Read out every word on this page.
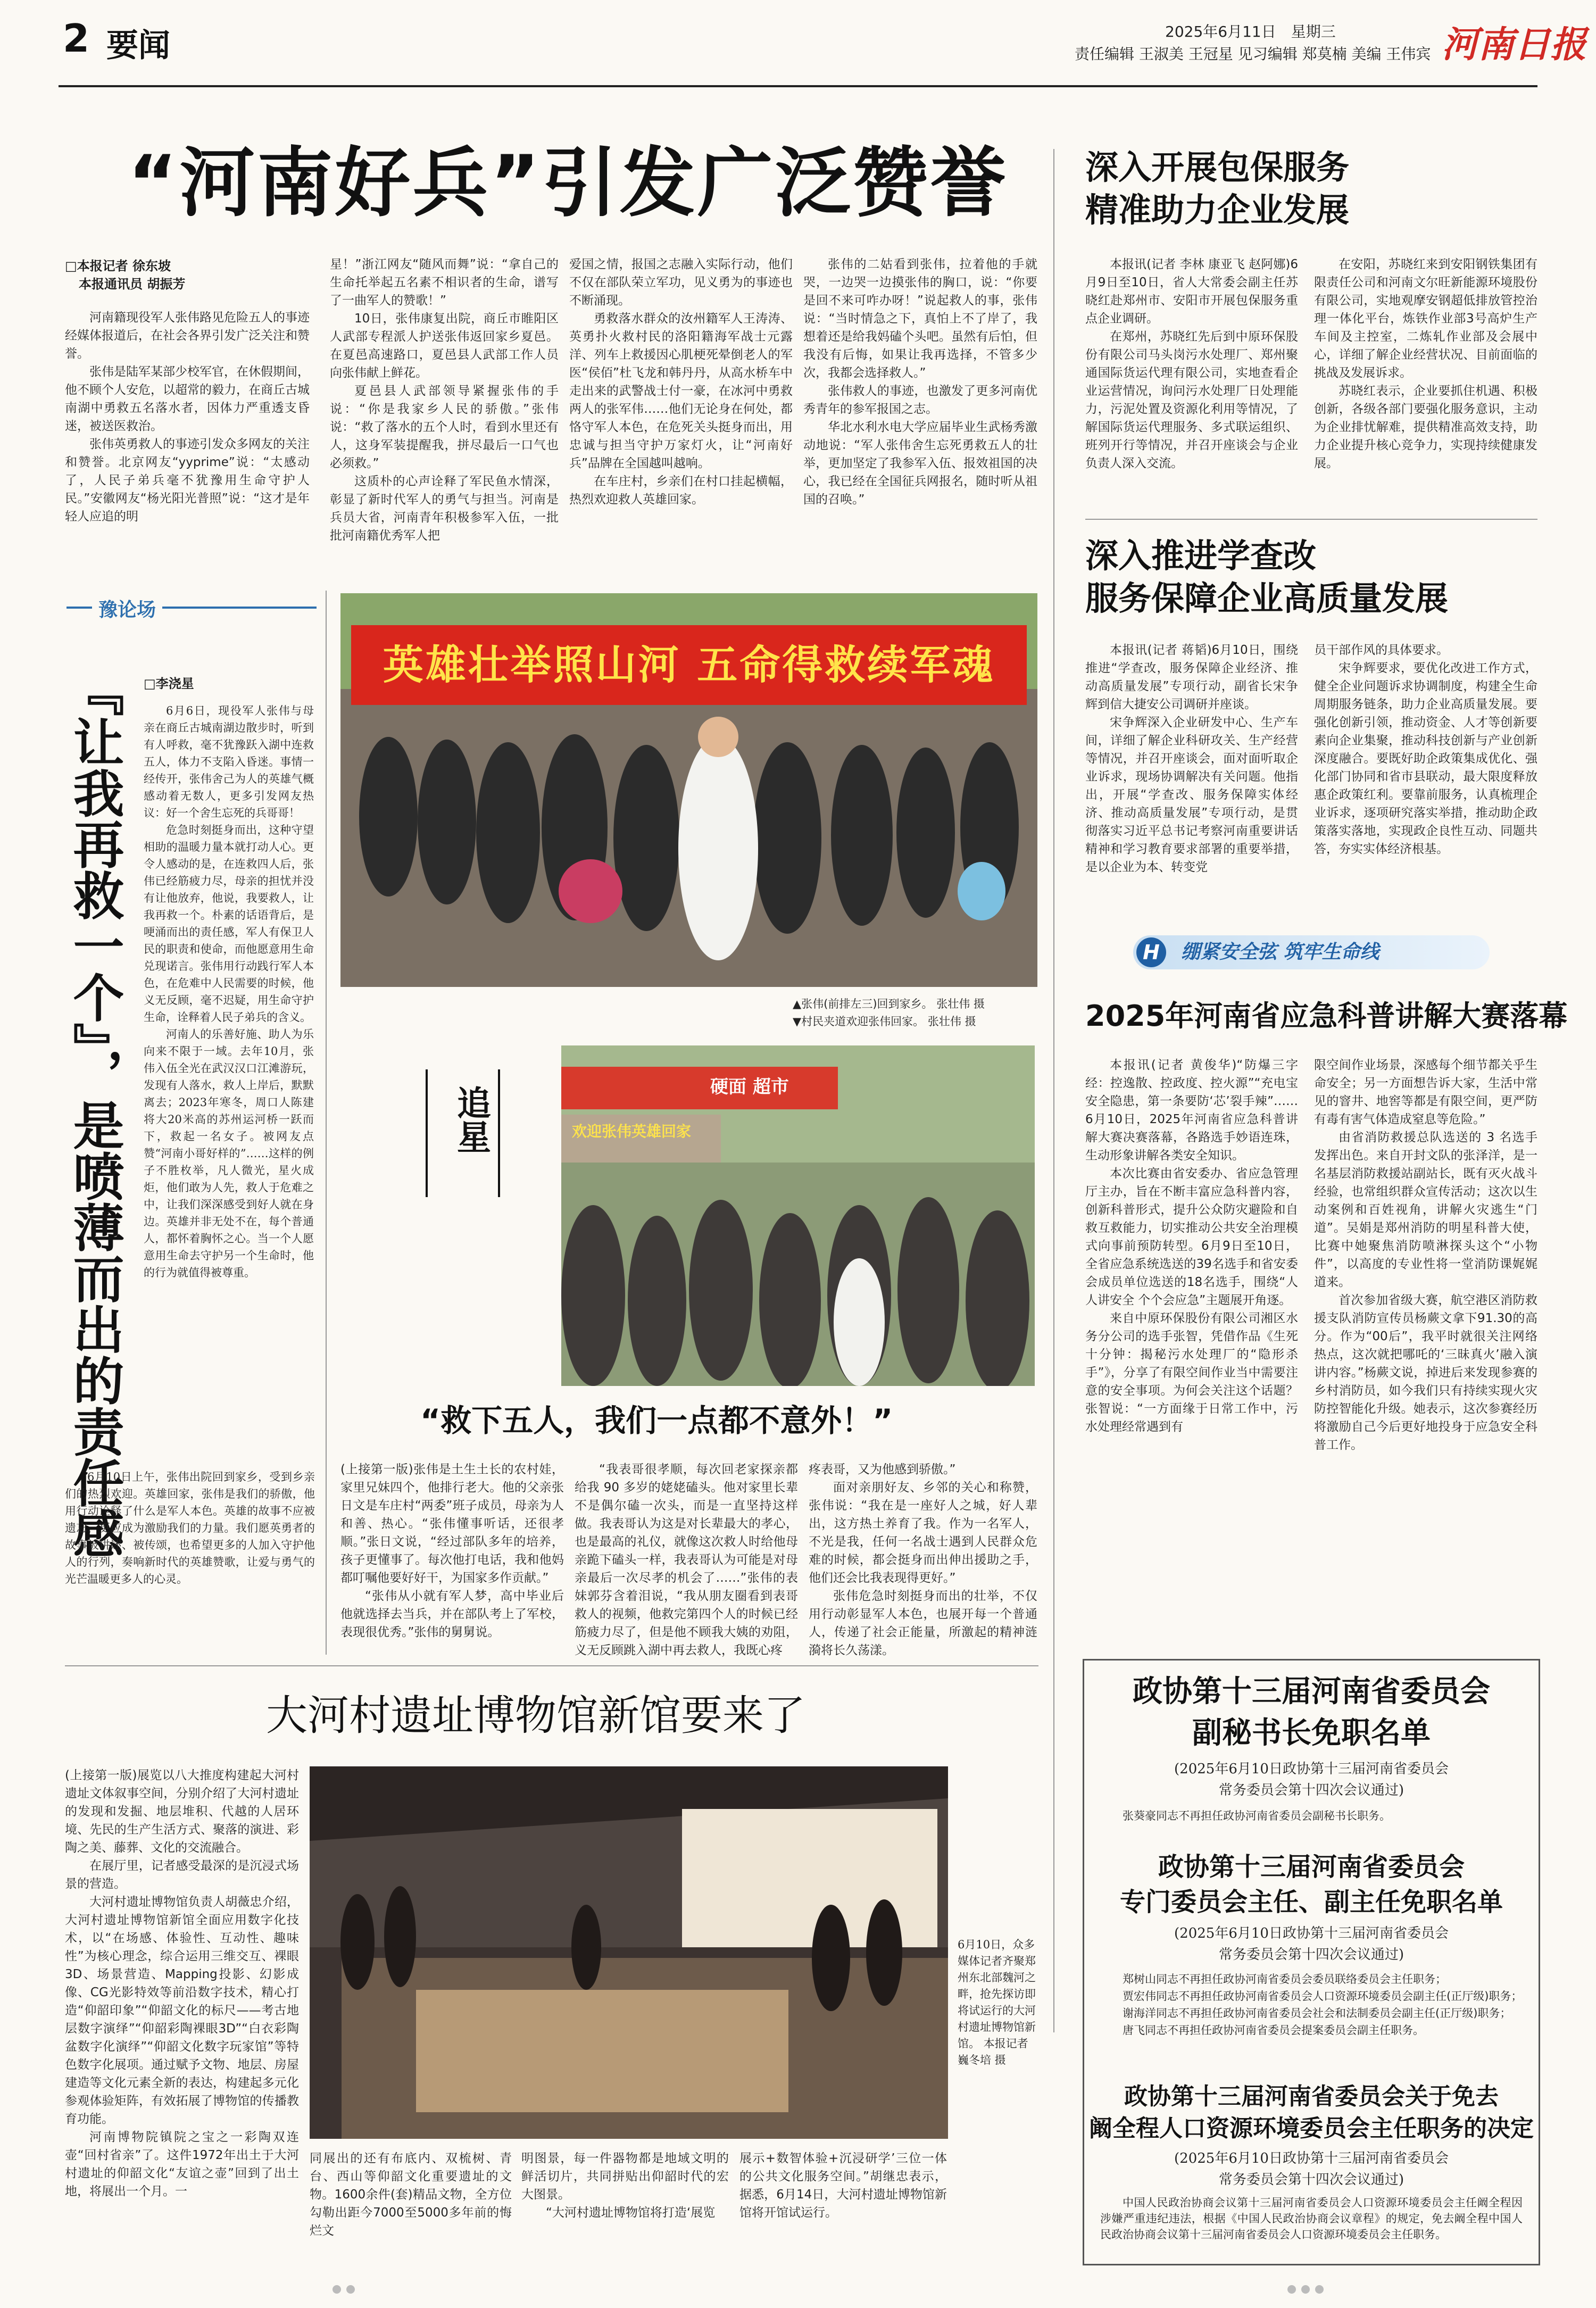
2 要闻	2025年6月11日　星期三
责任编辑 王淑美 王冠星 见习编辑 郑莫楠 美编 王伟宾 河南日报
“河南好兵”引发广泛赞誉
□本报记者 徐东坡
本报通讯员 胡振芳

河南籍现役军人张伟路见危险五人的事迹经媒体报道后，在社会各界引发广泛关注和赞誉。

张伟是陆军某部少校军官，在休假期间，他不顾个人安危，以超常的毅力，在商丘古城南湖中勇救五名落水者，因体力严重透支昏迷，被送医救治。

张伟英勇救人的事迹引发众多网友的关注和赞誉。北京网友“yyprime”说：“太感动了，人民子弟兵毫不犹豫用生命守护人民。”安徽网友“杨光阳光普照”说：“这才是年轻人应追的明

星！”浙江网友“随风而舞”说：“拿自己的生命托举起五名素不相识者的生命，谱写了一曲军人的赞歌！”

10日，张伟康复出院，商丘市睢阳区人武部专程派人护送张伟返回家乡夏邑。在夏邑高速路口，夏邑县人武部工作人员向张伟献上鲜花。

夏邑县人武部领导紧握张伟的手说：“你是我家乡人民的骄傲。”张伟说：“救了落水的五个人时，看到水里还有人，这身军装提醒我，拼尽最后一口气也必须救。”

这质朴的心声诠释了军民鱼水情深，彰显了新时代军人的勇气与担当。河南是兵员大省，河南青年积极参军入伍，一批批河南籍优秀军人把

爱国之情，报国之志融入实际行动，他们不仅在部队荣立军功，见义勇为的事迹也不断涌现。

勇救落水群众的汝州籍军人王涛涛、英勇扑火救村民的洛阳籍海军战士元露洋、列车上救援因心肌梗死晕倒老人的军医“侯佰”杜飞龙和韩丹丹，从高水桥车中走出来的武警战士付一豪，在冰河中勇救两人的张军伟……他们无论身在何处，都恪守军人本色，在危死关头挺身而出，用忠诚与担当守护万家灯火，让“河南好兵”品牌在全国越叫越响。

在车庄村，乡亲们在村口挂起横幅，热烈欢迎救人英雄回家。

张伟的二姑看到张伟，拉着他的手就哭，一边哭一边摸张伟的胸口，说：“你要是回不来可咋办呀！”说起救人的事，张伟说：“当时情急之下，真怕上不了岸了，我想着还是给我妈磕个头吧。虽然有后怕，但我没有后悔，如果让我再选择，不管多少次，我都会选择救人。”

张伟救人的事迹，也激发了更多河南优秀青年的参军报国之志。

华北水利水电大学应届毕业生武杨秀激动地说：“军人张伟舍生忘死勇救五人的壮举，更加坚定了我参军入伍、报效祖国的决心，我已经在全国征兵网报名，随时听从祖国的召唤。”

英雄壮举照山河 五命得救续军魂
▲张伟(前排左三)回到家乡。 张壮伟 摄
▼村民夹道欢迎张伟回家。 张壮伟 摄
硬面 超市
欢迎张伟英雄回家
豫论场
『让我再救一个』，是喷薄而出的责任感 □李浇星

6月6日，现役军人张伟与母亲在商丘古城南湖边散步时，听到有人呼救，毫不犹豫跃入湖中连救五人，体力不支陷入昏迷。事情一经传开，张伟舍己为人的英雄气概感动着无数人，更多引发网友热议：好一个舍生忘死的兵哥哥！

危急时刻挺身而出，这种守望相助的温暖力量本就打动人心。更令人感动的是，在连救四人后，张伟已经筋疲力尽，母亲的担忧并没有让他放弃，他说，我要救人，让我再救一个。朴素的话语背后，是哽涌而出的责任感，军人有保卫人民的职责和使命，而他愿意用生命兑现诺言。张伟用行动践行军人本色，在危难中人民需要的时候，他义无反顾，毫不迟疑，用生命守护生命，诠释着人民子弟兵的含义。

河南人的乐善好施、助人为乐向来不限于一域。去年10月，张伟入伍全光在武汉汉口江滩游玩，发现有人落水，救人上岸后，默默离去；2023年寒冬，周口人陈建将大20米高的苏州运河桥一跃而下，救起一名女子。被网友点赞“河南小哥好样的”……这样的例子不胜枚举，凡人微光，星火成炬，他们敢为人先，救人于危难之中，让我们深深感受到好人就在身边。英雄并非无处不在，每个普通人，都怀着胸怀之心。当一个人愿意用生命去守护另一个生命时，他的行为就值得被尊重。

6月10日上午，张伟出院回到家乡，受到乡亲们的热烈欢迎。英雄回家，张伟是我们的骄傲，他用行动诠释了什么是军人本色。英雄的故事不应被遗忘，更应成为激励我们的力量。我们愿英勇者的故事被讲述、被传颂，也希望更多的人加入守护他人的行列，奏响新时代的英雄赞歌，让爱与勇气的光芒温暖更多人的心灵。

追星
“救下五人，我们一点都不意外！”

(上接第一版)张伟是土生土长的农村娃，家里兄妹四个，他排行老大。他的父亲张日文是车庄村“两委”班子成员，母亲为人和善、热心。“张伟懂事听话，还很孝顺。”张日文说，“经过部队多年的培养，孩子更懂事了。每次他打电话，我和他妈都叮嘱他要好好干，为国家多作贡献。”

“张伟从小就有军人梦，高中毕业后他就选择去当兵，并在部队考上了军校，表现很优秀。”张伟的舅舅说。

“我表哥很孝顺，每次回老家探亲都给我 90 多岁的姥姥磕头。他对家里长辈不是偶尔磕一次头，而是一直坚持这样做。我表哥认为这是对长辈最大的孝心，也是最高的礼仪，就像这次救人时给他母亲跪下磕头一样，我表哥认为可能是对母亲最后一次尽孝的机会了……”张伟的表妹郭芬含着泪说，“我从朋友圈看到表哥救人的视频，他救完第四个人的时候已经筋疲力尽了，但是他不顾我大姨的劝阻，义无反顾跳入湖中再去救人，我既心疼

疼表哥，又为他感到骄傲。”

面对亲朋好友、乡邻的关心和称赞，张伟说：“我在是一座好人之城，好人辈出，这方热土养育了我。作为一名军人，不光是我，任何一名战士遇到人民群众危难的时候，都会挺身而出伸出援助之手，他们还会比我表现得更好。”

张伟危急时刻挺身而出的壮举，不仅用行动彰显军人本色，也展开每一个普通人，传递了社会正能量，所激起的精神涟漪将长久荡漾。

深入开展包保服务
精准助力企业发展

本报讯(记者 李林 康亚飞 赵阿娜)6月9日至10日，省人大常委会副主任苏晓红赴郑州市、安阳市开展包保服务重点企业调研。

在郑州，苏晓红先后到中原环保股份有限公司马头岗污水处理厂、郑州聚通国际货运代理有限公司，实地查看企业运营情况，询问污水处理厂日处理能力，污泥处置及资源化利用等情况，了解国际货运代理服务、多式联运组织、班列开行等情况，并召开座谈会与企业负责人深入交流。

在安阳，苏晓红来到安阳钢铁集团有限责任公司和河南文尔旺新能源环境股份有限公司，实地观摩安钢超低排放管控治理一体化平台，炼铁作业部3号高炉生产车间及主控室，二炼轧作业部及会展中心，详细了解企业经营状况、目前面临的挑战及发展诉求。

苏晓红表示，企业要抓住机遇、积极创新，各级各部门要强化服务意识，主动为企业排忧解难，提供精准高效支持，助力企业提升核心竞争力，实现持续健康发展。

深入推进学查改
服务保障企业高质量发展

本报讯(记者 蒋韬)6月10日，围绕推进“学查改，服务保障企业经济、推动高质量发展”专项行动，副省长宋争辉到信大捷安公司调研并座谈。

宋争辉深入企业研发中心、生产车间，详细了解企业科研攻关、生产经营等情况，并召开座谈会，面对面听取企业诉求，现场协调解决有关问题。他指出，开展“学查改、服务保障实体经济、推动高质量发展”专项行动，是贯彻落实习近平总书记考察河南重要讲话精神和学习教育要求部署的重要举措，是以企业为本、转变党

员干部作风的具体要求。

宋争辉要求，要优化改进工作方式，健全企业问题诉求协调制度，构建全生命周期服务链条，助力企业高质量发展。要强化创新引领，推动资金、人才等创新要素向企业集聚，推动科技创新与产业创新深度融合。要既好助企政策集成优化、强化部门协同和省市县联动，最大限度释放惠企政策红利。要靠前服务，认真梳理企业诉求，逐项研究落实举措，推动助企政策落实落地，实现政企良性互动、同题共答，夯实实体经济根基。

H	绷紧安全弦 筑牢生命线
2025年河南省应急科普讲解大赛落幕

本报讯(记者 黄俊华)“防爆三字经：控逸散、控政度、控火源”“充电宝安全隐患，第一条要防‘芯’裂手辣”……6月10日，2025年河南省应急科普讲解大赛决赛落幕，各路选手妙语连珠，生动形象讲解各类安全知识。

本次比赛由省安委办、省应急管理厅主办，旨在不断丰富应急科普内容，创新科普形式，提升公众防灾避险和自救互救能力，切实推动公共安全治理模式向事前预防转型。6月9日至10日，全省应急系统选送的39名选手和省安委会成员单位选送的18名选手，围绕“人人讲安全 个个会应急”主题展开角逐。

来自中原环保股份有限公司湘区水务分公司的选手张智，凭借作品《生死十分钟：揭秘污水处理厂的“隐形杀手”》，分享了有限空间作业当中需要注意的安全事项。为何会关注这个话题？张智说：“一方面缘于日常工作中，污水处理经常遇到有

限空间作业场景，深感每个细节都关乎生命安全；另一方面想告诉大家，生活中常见的窨井、地窖等都是有限空间，更严防有毒有害气体造成窒息等危险。”

由省消防救援总队选送的 3 名选手发挥出色。来自开封文队的张泽洋，是一名基层消防救援站副站长，既有灭火战斗经验，也常组织群众宣传活动；这次以生动案例和百姓视角，讲解火灾逃生“门道”。吴娟是郑州消防的明星科普大使，比赛中她聚焦消防喷淋探头这个“小物件”，以高度的专业性将一堂消防课娓娓道来。

首次参加省级大赛，航空港区消防救援支队消防宣传员杨蕨文拿下91.30的高分。作为“00后”，我平时就很关注网络热点，这次就把哪吒的‘三昧真火’融入演讲内容。”杨蕨文说，掉进后来发现参赛的乡村消防员，如今我们只有持续实现火灾防控智能化升级。她表示，这次参赛经历将激励自己今后更好地投身于应急安全科普工作。

政协第十三届河南省委员会
副秘书长免职名单
(2025年6月10日政协第十三届河南省委员会
常务委员会第十四次会议通过)

张葵豪同志不再担任政协河南省委员会副秘书长职务。

政协第十三届河南省委员会
专门委员会主任、副主任免职名单
(2025年6月10日政协第十三届河南省委员会
常务委员会第十四次会议通过)

郑树山同志不再担任政协河南省委员会委员联络委员会主任职务；

贾宏伟同志不再担任政协河南省委员会人口资源环境委员会副主任(正厅级)职务；

谢海洋同志不再担任政协河南省委员会社会和法制委员会副主任(正厅级)职务；

唐飞同志不再担任政协河南省委员会提案委员会副主任职务。

政协第十三届河南省委员会关于免去
阚全程人口资源环境委员会主任职务的决定
(2025年6月10日政协第十三届河南省委员会
常务委员会第十四次会议通过)

中国人民政治协商会议第十三届河南省委员会人口资源环境委员会主任阚全程因涉嫌严重违纪违法，根据《中国人民政治协商会议章程》的规定，免去阚全程中国人民政治协商会议第十三届河南省委员会人口资源环境委员会主任职务。

大河村遗址博物馆新馆要来了

(上接第一版)展览以八大推度构建起大河村遗址文体叙事空间，分别介绍了大河村遗址的发现和发掘、地层堆积、代越的人居环境、先民的生产生活方式、聚落的演进、彩陶之美、藤葬、文化的交流融合。

在展厅里，记者感受最深的是沉浸式场景的营造。

大河村遗址博物馆负责人胡薇忠介绍，大河村遗址博物馆新馆全面应用数字化技术，以“在场感、体验性、互动性、趣味性”为核心理念，综合运用三维交互、裸眼3D、场景营造、Mapping投影、幻影成像、CG光影特效等前沿数字技术，精心打造“仰韶印象”“仰韶文化的标尺——考古地层数字演绎”“仰韶彩陶裸眼3D”“白衣彩陶盆数字化演绎”“仰韶文化数字玩家馆”等特色数字化展项。通过赋予文物、地层、房屋建造等文化元素全新的表达，构建起多元化参观体验矩阵，有效拓展了博物馆的传播教育功能。

河南博物院镇院之宝之一彩陶双连壶“回村省亲”了。这件1972年出土于大河村遗址的仰韶文化“友谊之壶”回到了出土地，将展出一个月。一

6月10日，众多媒体记者齐聚郑州东北部魏河之畔，抢先探访即将试运行的大河村遗址博物馆新馆。 本报记者 巍冬培 摄

同展出的还有布底内、双梳树、青台、西山等仰韶文化重要遗址的文物。1600余件(套)精品文物，全方位勾勒出距今7000至5000多年前的悔烂文

明图景，每一件器物都是地域文明的鲜活切片，共同拼贴出仰韶时代的宏大图景。

“大河村遗址博物馆将打造‘展览

展示+数智体验+沉浸研学’三位一体的公共文化服务空间。”胡继忠表示，据悉，6月14日，大河村遗址博物馆新馆将开馆试运行。
